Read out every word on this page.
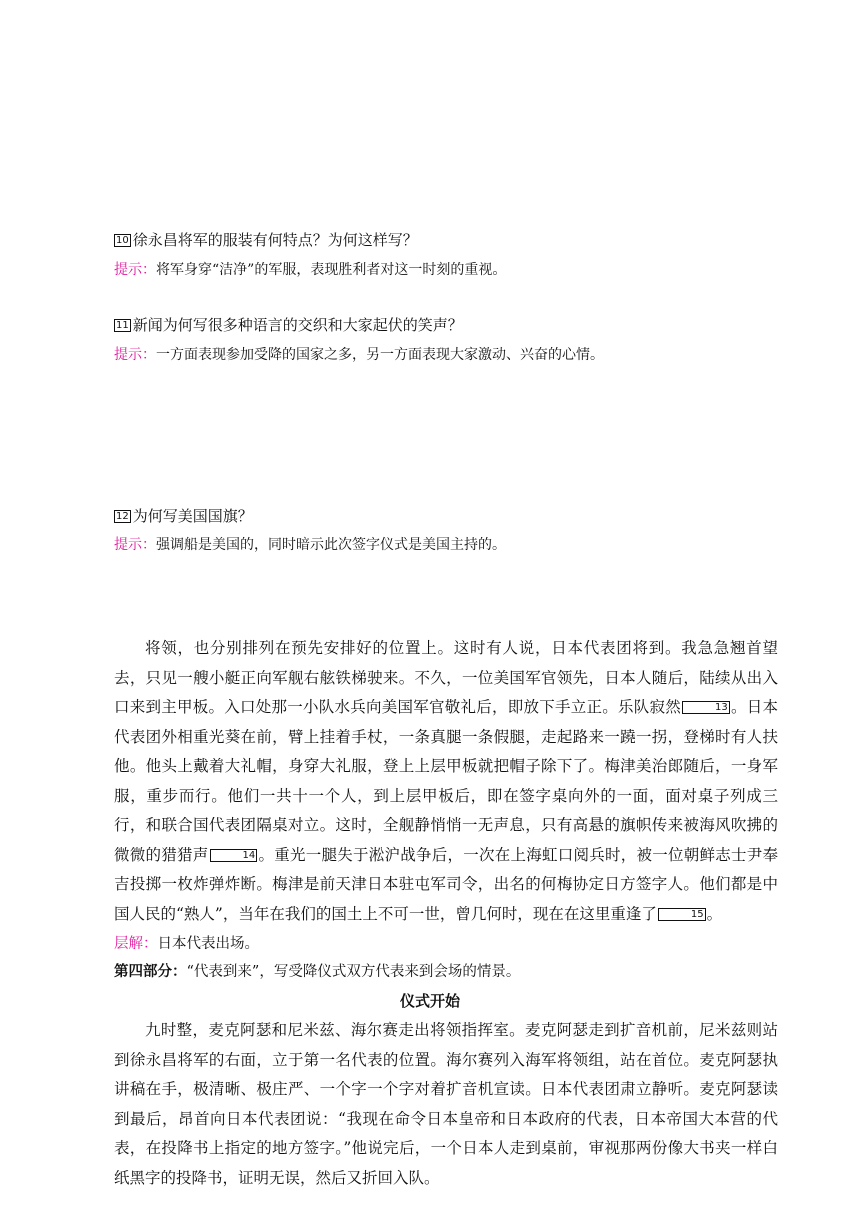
10 徐永昌将军的服装有何特点？为何这样写？
提示：将军身穿“洁净”的军服，表现胜利者对这一时刻的重视。
11 新闻为何写很多种语言的交织和大家起伏的笑声？
提示：一方面表现参加受降的国家之多，另一方面表现大家激动、兴奋的心情。
12 为何写美国国旗？
提示：强调船是美国的，同时暗示此次签字仪式是美国主持的。
将领，也分别排列在预先安排好的位置上。这时有人说，日本代表团将到。我急急翘首望去，只见一艘小艇正向军舰右舷铁梯驶来。不久，一位美国军官领先，日本人随后，陆续从出入口来到主甲板。入口处那一小队水兵向美国军官敬礼后，即放下手立正。乐队寂然	13 。日本代表团外相重光葵在前，臂上挂着手杖，一条真腿一条假腿，走起路来一蹺一拐，登梯时有人扶他。他头上戴着大礼帽，身穿大礼服，登上上层甲板就把帽子除下了。梅津美治郎随后，一身军服，重步而行。他们一共十一个人，到上层甲板后，即在签字桌向外的一面，面对桌子列成三行，和联合国代表团隔桌对立。这时，全舰静悄悄一无声息，只有高悬的旗帜传来被海风吹拂的微微的猎猎声	14 。重光一腿失于淞沪战争后，一次在上海虹口阅兵时，被一位朝鲜志士尹奉吉投掷一枚炸弹炸断。梅津是前天津日本驻屯军司令，出名的何梅协定日方签字人。他们都是中国人民的“熟人”，当年在我们的国土上不可一世，曾几何时，现在在这里重逢了	15 。
层解：日本代表出场。
第四部分：“代表到来”，写受降仪式双方代表来到会场的情景。
仪式开始
九时整，麦克阿瑟和尼米兹、海尔赛走出将领指挥室。麦克阿瑟走到扩音机前，尼米兹则站到徐永昌将军的右面，立于第一名代表的位置。海尔赛列入海军将领组，站在首位。麦克阿瑟执讲稿在手，极清晰、极庄严、一个字一个字对着扩音机宣读。日本代表团肃立静听。麦克阿瑟读到最后，昂首向日本代表团说：“我现在命令日本皇帝和日本政府的代表，日本帝国大本营的代表，在投降书上指定的地方签字。”他说完后，一个日本人走到桌前，审视那两份像大书夹一样白纸黑字的投降书，证明无误，然后又折回入队。
